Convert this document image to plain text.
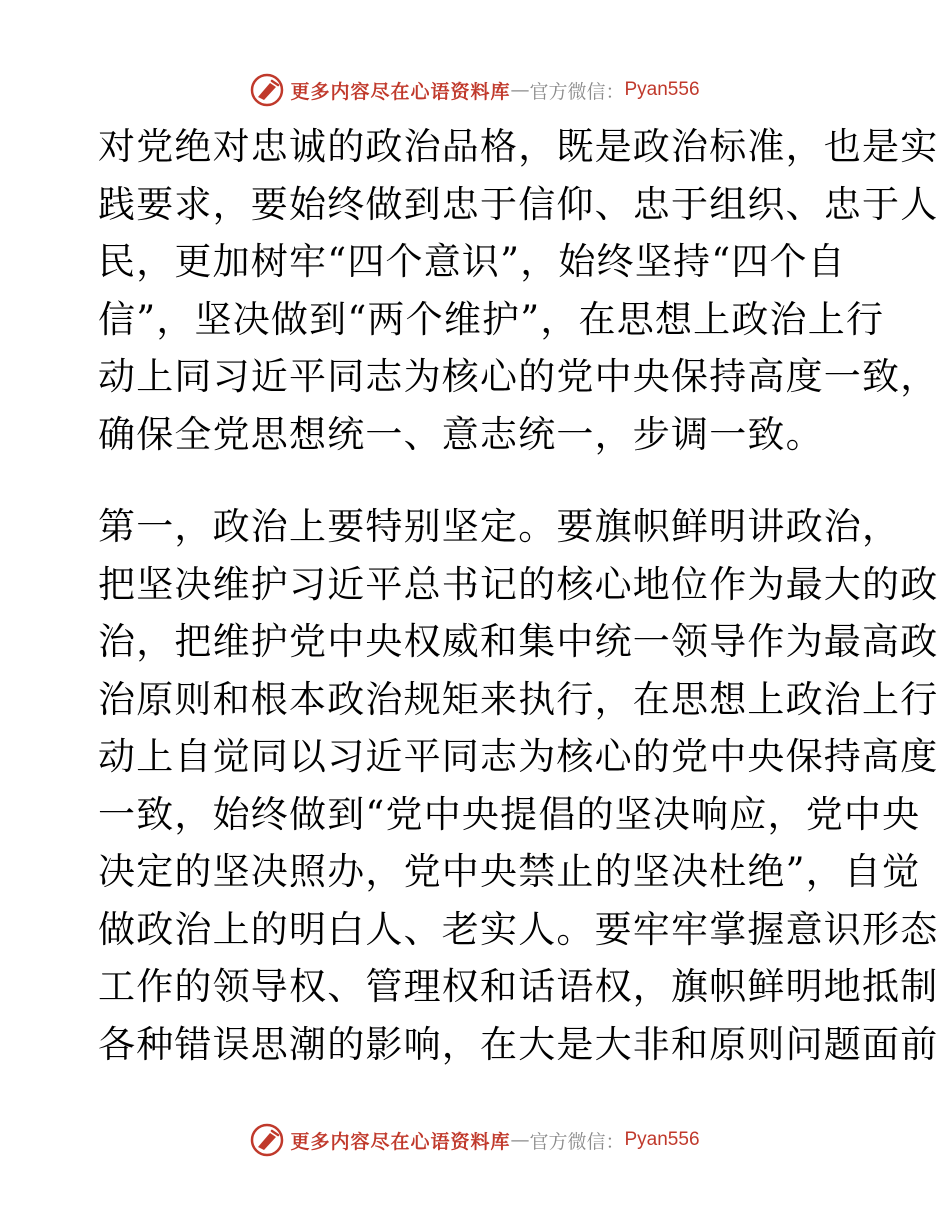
更多内容尽在心语资料库 — 官方微信： Pyan556
对党绝对忠诚的政治品格，既是政治标准，也是实
践要求，要始终做到忠于信仰、忠于组织、忠于人
民，更加树牢“四个意识”，始终坚持“四个自
信”，坚决做到“两个维护”，在思想上政治上行
动上同习近平同志为核心的党中央保持高度一致，
确保全党思想统一、意志统一，步调一致。
第一，政治上要特别坚定。要旗帜鲜明讲政治，
把坚决维护习近平总书记的核心地位作为最大的政
治，把维护党中央权威和集中统一领导作为最高政
治原则和根本政治规矩来执行，在思想上政治上行
动上自觉同以习近平同志为核心的党中央保持高度
一致，始终做到“党中央提倡的坚决响应，党中央
决定的坚决照办，党中央禁止的坚决杜绝”，自觉
做政治上的明白人、老实人。要牢牢掌握意识形态
工作的领导权、管理权和话语权，旗帜鲜明地抵制
各种错误思潮的影响，在大是大非和原则问题面前
更多内容尽在心语资料库 — 官方微信： Pyan556
